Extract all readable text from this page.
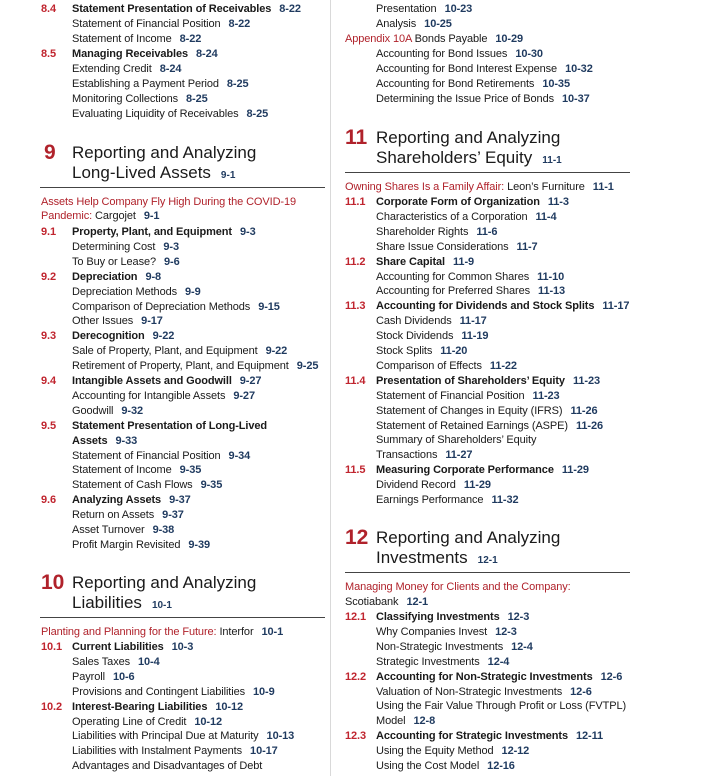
8.4 Statement Presentation of Receivables 8-22
Statement of Financial Position 8-22
Statement of Income 8-22
8.5 Managing Receivables 8-24
Extending Credit 8-24
Establishing a Payment Period 8-25
Monitoring Collections 8-25
Evaluating Liquidity of Receivables 8-25
9 Reporting and Analyzing
Long-Lived Assets 9-1
Assets Help Company Fly High During the COVID-19
Pandemic: Cargojet 9-1
9.1 Property, Plant, and Equipment 9-3
Determining Cost 9-3
To Buy or Lease? 9-6
9.2 Depreciation 9-8
Depreciation Methods 9-9
Comparison of Depreciation Methods 9-15
Other Issues 9-17
9.3 Derecognition 9-22
Sale of Property, Plant, and Equipment 9-22
Retirement of Property, Plant, and Equipment 9-25
9.4 Intangible Assets and Goodwill 9-27
Accounting for Intangible Assets 9-27
Goodwill 9-32
9.5 Statement Presentation of Long-Lived
Assets 9-33
Statement of Financial Position 9-34
Statement of Income 9-35
Statement of Cash Flows 9-35
9.6 Analyzing Assets 9-37
Return on Assets 9-37
Asset Turnover 9-38
Profit Margin Revisited 9-39
10 Reporting and Analyzing
Liabilities 10-1
Planting and Planning for the Future: Interfor 10-1
10.1 Current Liabilities 10-3
Sales Taxes 10-4
Payroll 10-6
Provisions and Contingent Liabilities 10-9
10.2 Interest-Bearing Liabilities 10-12
Operating Line of Credit 10-12
Liabilities with Principal Due at Maturity 10-13
Liabilities with Instalment Payments 10-17
Advantages and Disadvantages of Debt
Presentation 10-23
Analysis 10-25
Appendix 10A Bonds Payable 10-29
Accounting for Bond Issues 10-30
Accounting for Bond Interest Expense 10-32
Accounting for Bond Retirements 10-35
Determining the Issue Price of Bonds 10-37
11 Reporting and Analyzing
Shareholders’ Equity 11-1
Owning Shares Is a Family Affair: Leon’s Furniture 11-1
11.1 Corporate Form of Organization 11-3
Characteristics of a Corporation 11-4
Shareholder Rights 11-6
Share Issue Considerations 11-7
11.2 Share Capital 11-9
Accounting for Common Shares 11-10
Accounting for Preferred Shares 11-13
11.3 Accounting for Dividends and Stock Splits 11-17
Cash Dividends 11-17
Stock Dividends 11-19
Stock Splits 11-20
Comparison of Effects 11-22
11.4 Presentation of Shareholders’ Equity 11-23
Statement of Financial Position 11-23
Statement of Changes in Equity (IFRS) 11-26
Statement of Retained Earnings (ASPE) 11-26
Summary of Shareholders’ Equity
Transactions 11-27
11.5 Measuring Corporate Performance 11-29
Dividend Record 11-29
Earnings Performance 11-32
12 Reporting and Analyzing
Investments 12-1
Managing Money for Clients and the Company:
Scotiabank 12-1
12.1 Classifying Investments 12-3
Why Companies Invest 12-3
Non-Strategic Investments 12-4
Strategic Investments 12-4
12.2 Accounting for Non-Strategic Investments 12-6
Valuation of Non-Strategic Investments 12-6
Using the Fair Value Through Profit or Loss (FVTPL)
Model 12-8
12.3 Accounting for Strategic Investments 12-11
Using the Equity Method 12-12
Using the Cost Model 12-16
